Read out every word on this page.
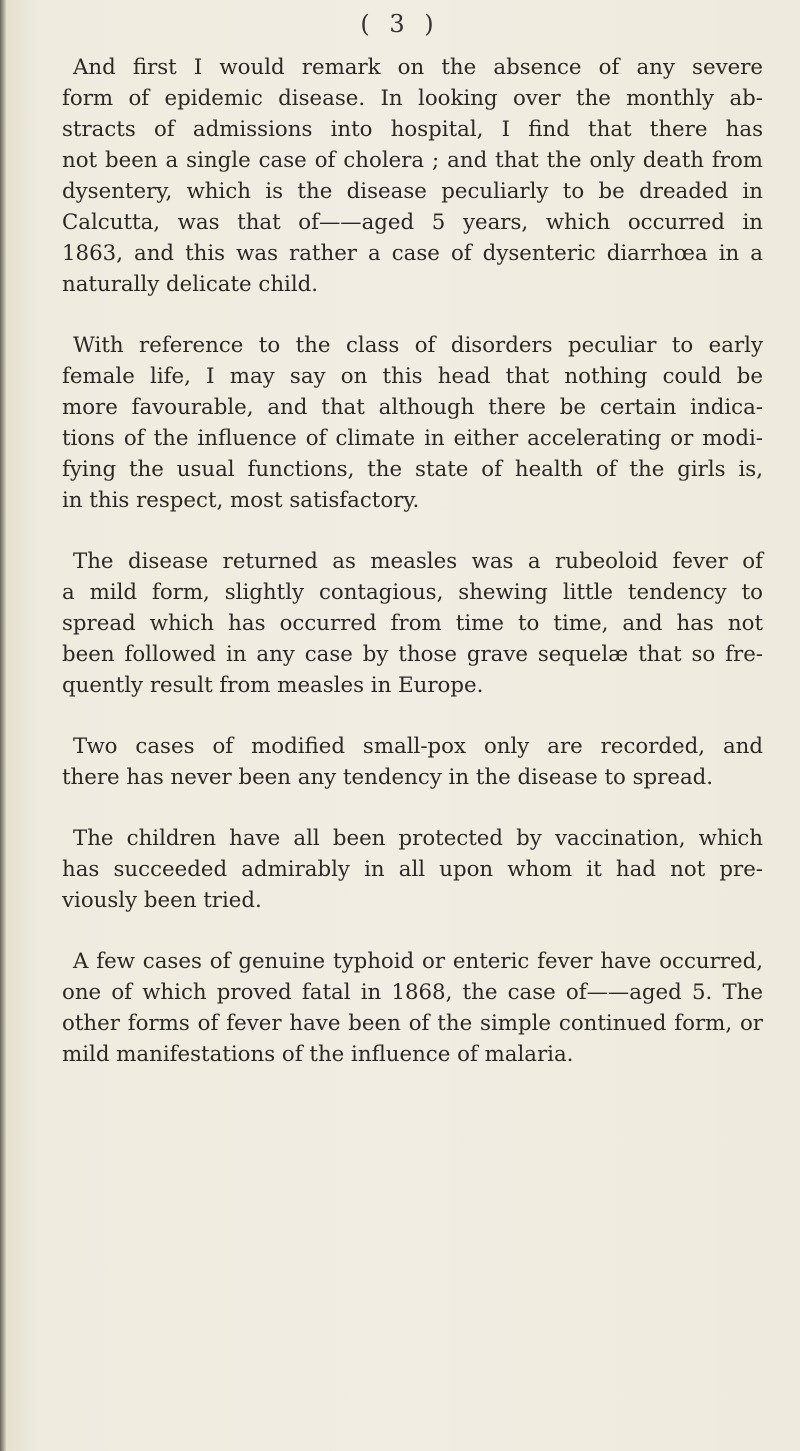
( 3 )

And first I would remark on the absence of any severe
form of epidemic disease. In looking over the monthly ab-
stracts of admissions into hospital, I find that there has
not been a single case of cholera ; and that the only death from
dysentery, which is the disease peculiarly to be dreaded in
Calcutta, was that of——aged 5 years, which occurred in
1863, and this was rather a case of dysenteric diarrhœa in a
naturally delicate child.

With reference to the class of disorders peculiar to early
female life, I may say on this head that nothing could be
more favourable, and that although there be certain indica-
tions of the influence of climate in either accelerating or modi-
fying the usual functions, the state of health of the girls is,
in this respect, most satisfactory.

The disease returned as measles was a rubeoloid fever of
a mild form, slightly contagious, shewing little tendency to
spread which has occurred from time to time, and has not
been followed in any case by those grave sequelæ that so fre-
quently result from measles in Europe.

Two cases of modified small-pox only are recorded, and
there has never been any tendency in the disease to spread.

The children have all been protected by vaccination, which
has succeeded admirably in all upon whom it had not pre-
viously been tried.

A few cases of genuine typhoid or enteric fever have occurred,
one of which proved fatal in 1868, the case of——aged 5. The
other forms of fever have been of the simple continued form, or
mild manifestations of the influence of malaria.
